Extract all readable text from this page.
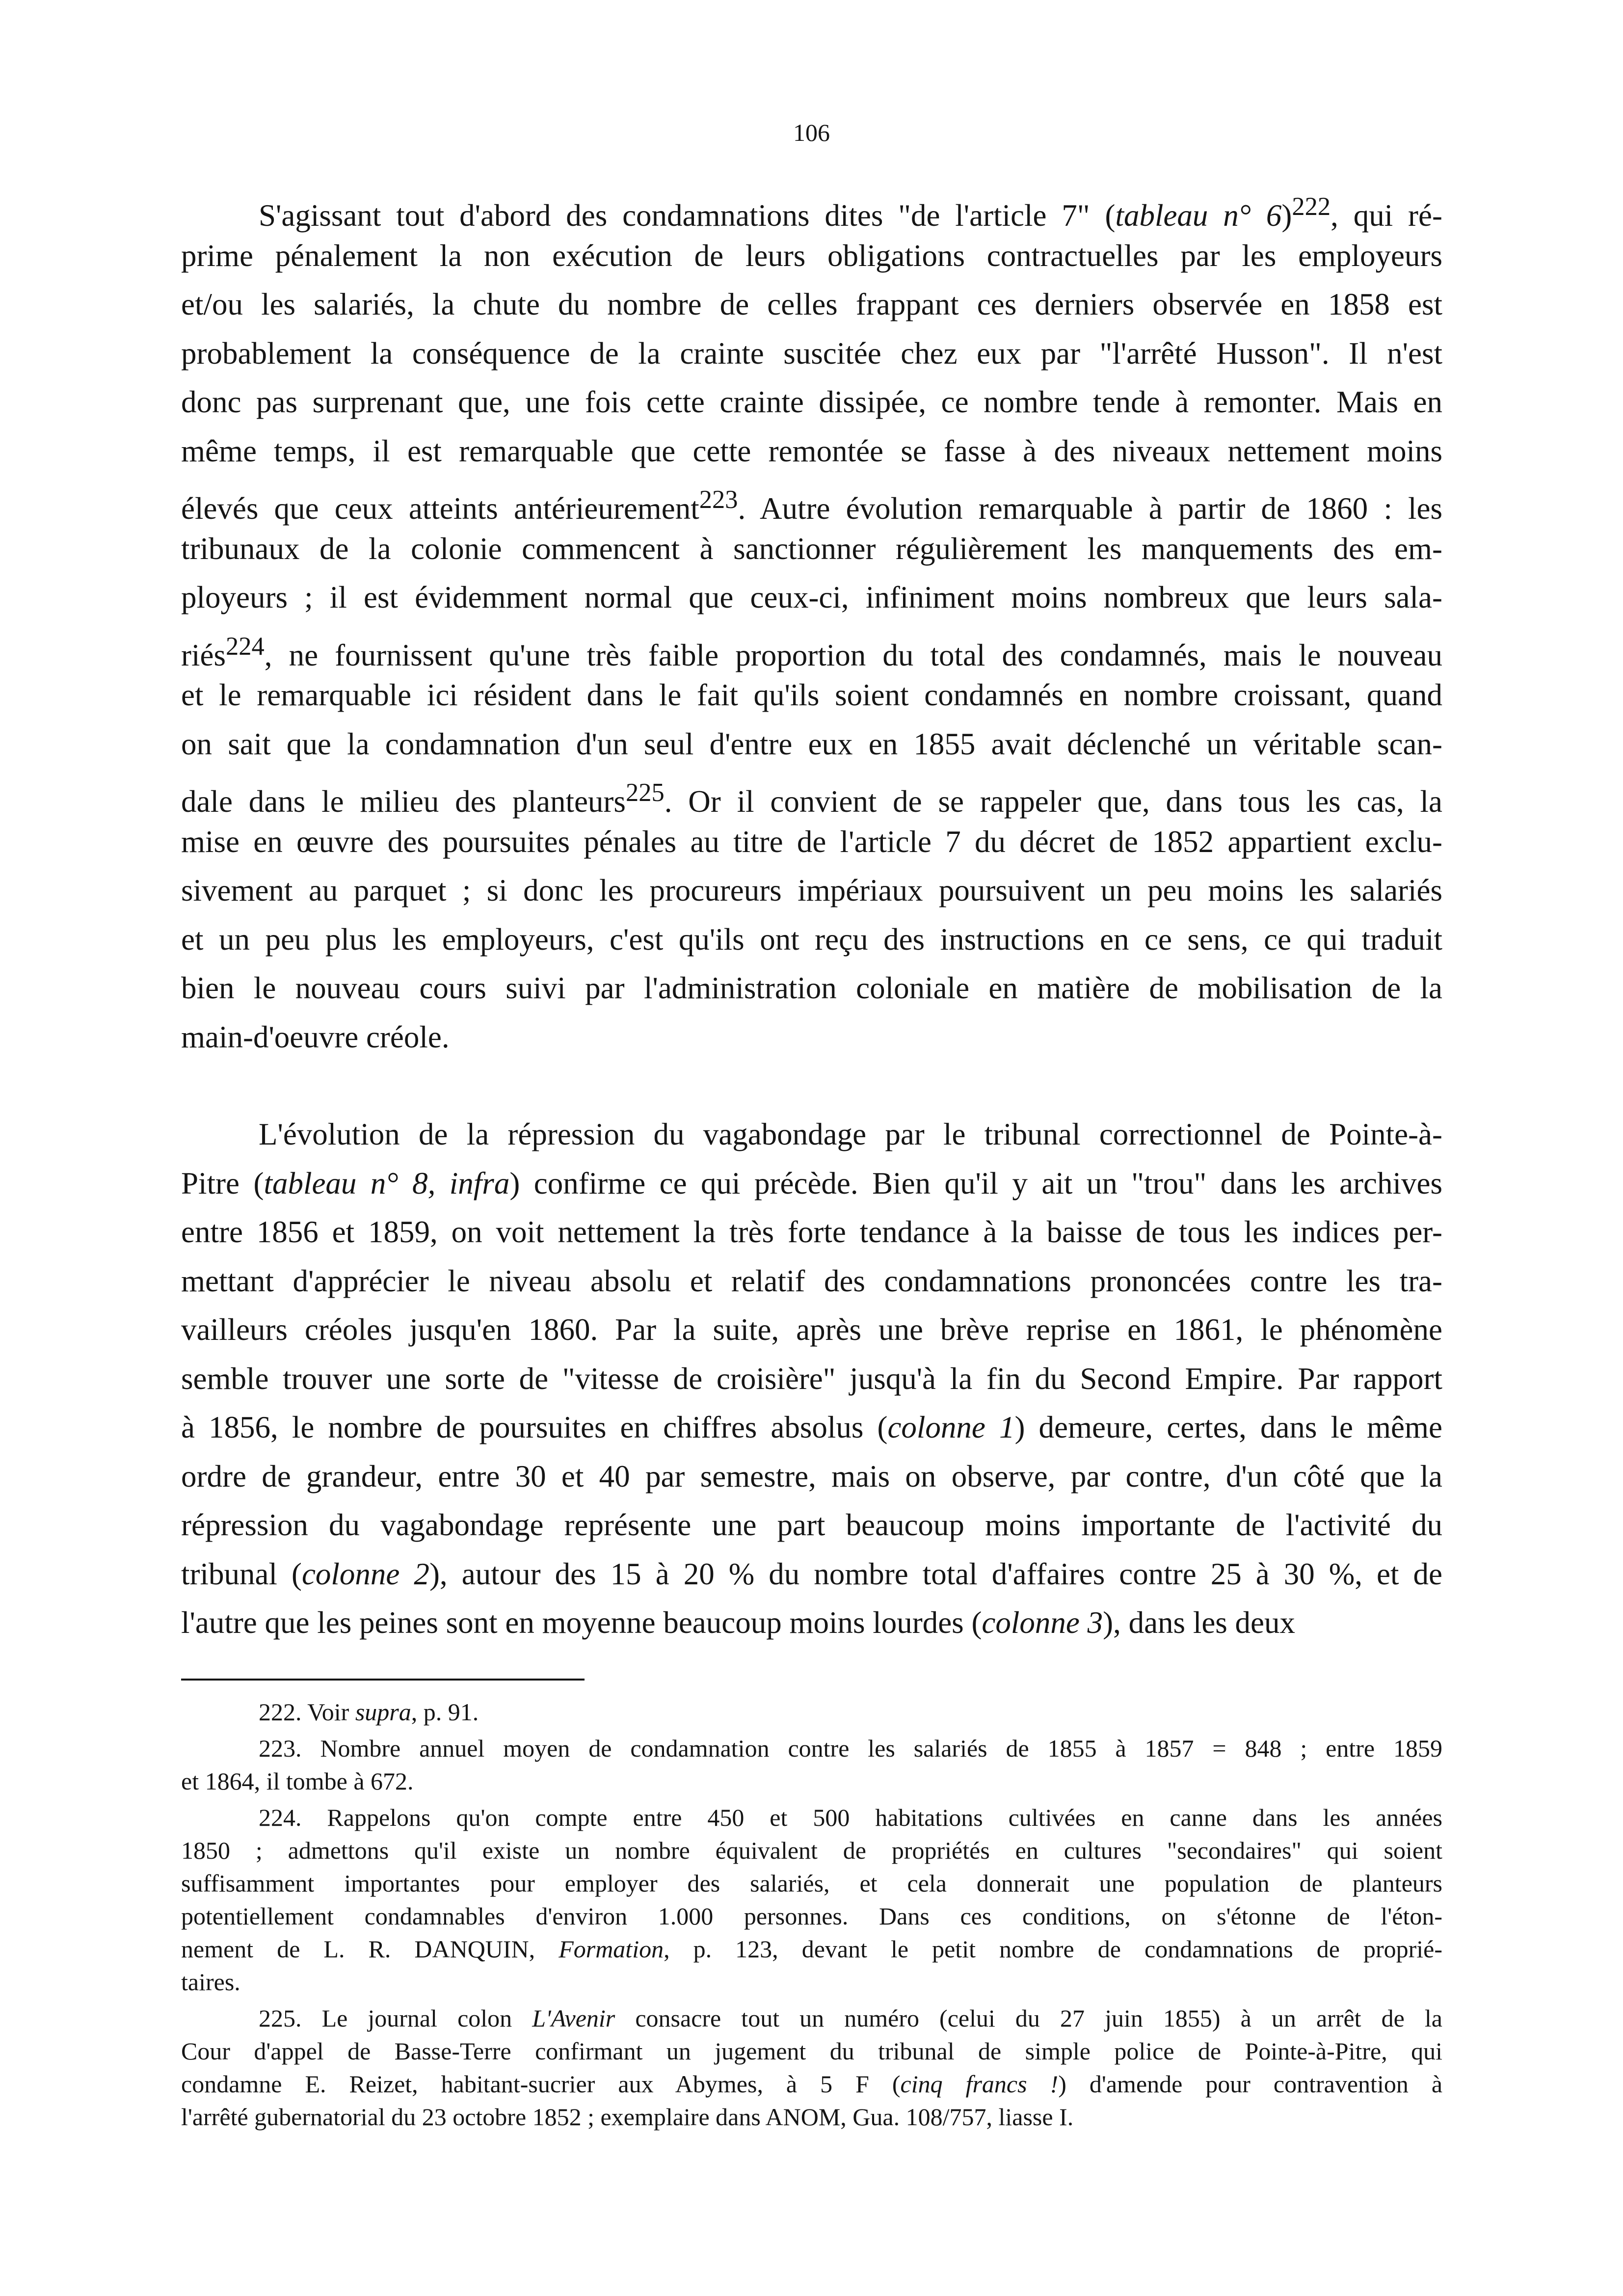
106
S'agissant tout d'abord des condamnations dites "de l'article 7" (tableau n° 6)$^{222}$, qui ré-
prime pénalement la non exécution de leurs obligations contractuelles par les employeurs
et/ou les salariés, la chute du nombre de celles frappant ces derniers observée en 1858 est
probablement la conséquence de la crainte suscitée chez eux par "l'arrêté Husson". Il n'est
donc pas surprenant que, une fois cette crainte dissipée, ce nombre tende à remonter. Mais en
même temps, il est remarquable que cette remontée se fasse à des niveaux nettement moins
élevés que ceux atteints antérieurement$^{223}$. Autre évolution remarquable à partir de 1860 : les
tribunaux de la colonie commencent à sanctionner régulièrement les manquements des em-
ployeurs ; il est évidemment normal que ceux-ci, infiniment moins nombreux que leurs sala-
riés$^{224}$, ne fournissent qu'une très faible proportion du total des condamnés, mais le nouveau
et le remarquable ici résident dans le fait qu'ils soient condamnés en nombre croissant, quand
on sait que la condamnation d'un seul d'entre eux en 1855 avait déclenché un véritable scan-
dale dans le milieu des planteurs$^{225}$. Or il convient de se rappeler que, dans tous les cas, la
mise en œuvre des poursuites pénales au titre de l'article 7 du décret de 1852 appartient exclu-
sivement au parquet ; si donc les procureurs impériaux poursuivent un peu moins les salariés
et un peu plus les employeurs, c'est qu'ils ont reçu des instructions en ce sens, ce qui traduit
bien le nouveau cours suivi par l'administration coloniale en matière de mobilisation de la
main-d'oeuvre créole.
L'évolution de la répression du vagabondage par le tribunal correctionnel de Pointe-à-
Pitre (tableau n° 8, infra) confirme ce qui précède. Bien qu'il y ait un "trou" dans les archives
entre 1856 et 1859, on voit nettement la très forte tendance à la baisse de tous les indices per-
mettant d'apprécier le niveau absolu et relatif des condamnations prononcées contre les tra-
vailleurs créoles jusqu'en 1860. Par la suite, après une brève reprise en 1861, le phénomène
semble trouver une sorte de "vitesse de croisière" jusqu'à la fin du Second Empire. Par rapport
à 1856, le nombre de poursuites en chiffres absolus (colonne 1) demeure, certes, dans le même
ordre de grandeur, entre 30 et 40 par semestre, mais on observe, par contre, d'un côté que la
répression du vagabondage représente une part beaucoup moins importante de l'activité du
tribunal (colonne 2), autour des 15 à 20 % du nombre total d'affaires contre 25 à 30 %, et de
l'autre que les peines sont en moyenne beaucoup moins lourdes (colonne 3), dans les deux
222. Voir supra, p. 91.
223. Nombre annuel moyen de condamnation contre les salariés de 1855 à 1857 = 848 ; entre 1859
et 1864, il tombe à 672.
224. Rappelons qu'on compte entre 450 et 500 habitations cultivées en canne dans les années
1850 ; admettons qu'il existe un nombre équivalent de propriétés en cultures "secondaires" qui soient
suffisamment importantes pour employer des salariés, et cela donnerait une population de planteurs
potentiellement condamnables d'environ 1.000 personnes. Dans ces conditions, on s'étonne de l'éton-
nement de L. R. DANQUIN, Formation, p. 123, devant le petit nombre de condamnations de proprié-
taires.
225. Le journal colon L'Avenir consacre tout un numéro (celui du 27 juin 1855) à un arrêt de la
Cour d'appel de Basse-Terre confirmant un jugement du tribunal de simple police de Pointe-à-Pitre, qui
condamne E. Reizet, habitant-sucrier aux Abymes, à 5 F (cinq francs !) d'amende pour contravention à
l'arrêté gubernatorial du 23 octobre 1852 ; exemplaire dans ANOM, Gua. 108/757, liasse I.
